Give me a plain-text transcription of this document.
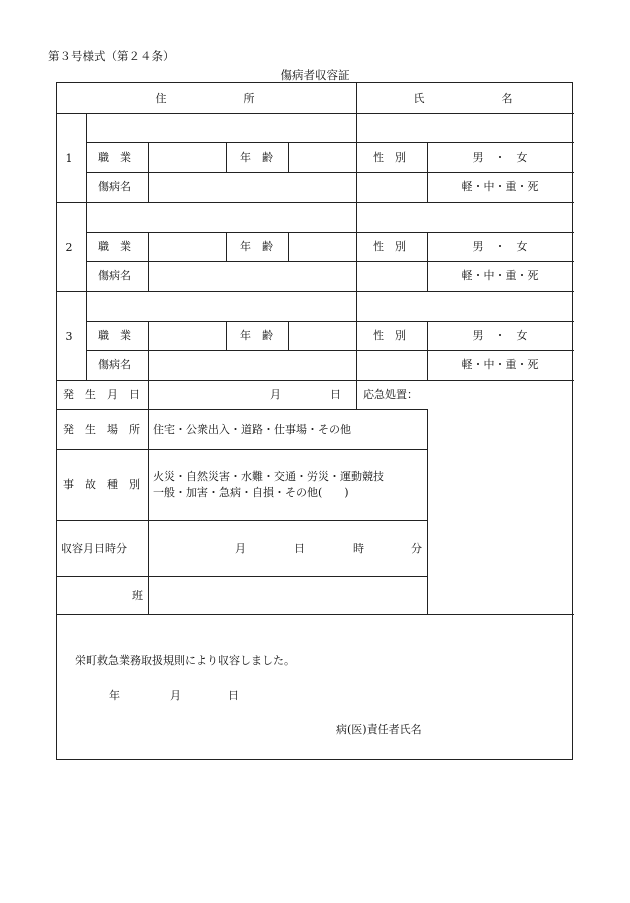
第３号様式（第２４条）
傷病者収容証
住　　　　　　　所	氏　　　　　　　名
1 職　業	年　齢	性　別	男　・　女
傷病名	軽・中・重・死
2 職　業	年　齢	性　別	男　・　女
傷病名	軽・中・重・死
3 職　業	年　齢	性　別	男　・　女
傷病名	軽・中・重・死
発　生　月　日	月	日 応急処置：
発　生　場　所 住宅・公衆出入・道路・仕事場・その他
事　故　種　別
火災・自然災害・水難・交通・労災・運動競技
一般・加害・急病・自損・その他(　　)
収容月日時分	月	日	時	分
班
栄町救急業務取扱規則により収容しました。
年	月	日
病(医)責任者氏名
